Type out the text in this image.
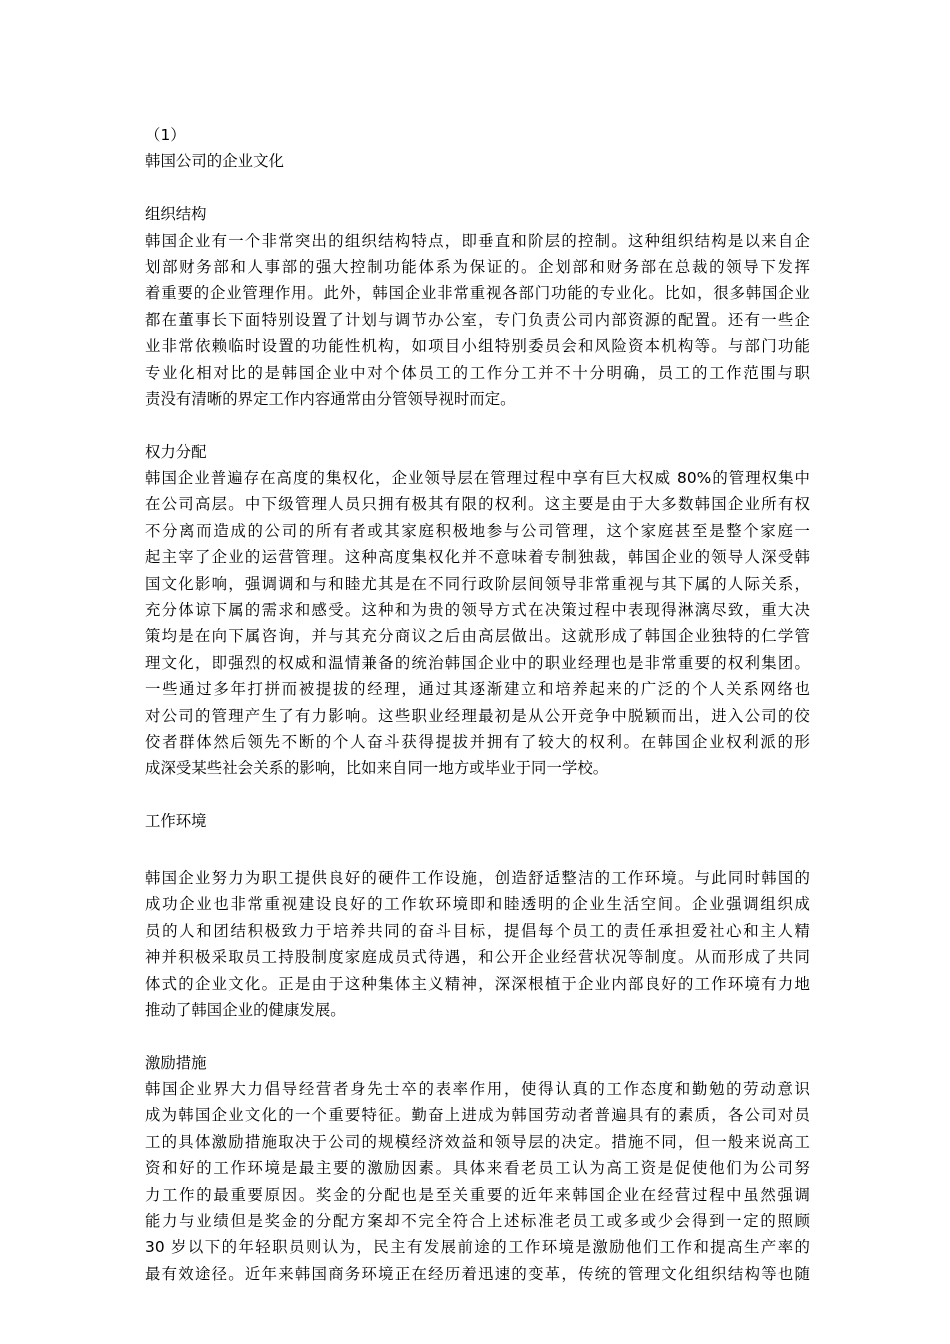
（1）
韩国公司的企业文化
组织结构
韩国企业有一个非常突出的组织结构特点，即垂直和阶层的控制。这种组织结构是以来自企
划部财务部和人事部的强大控制功能体系为保证的。企划部和财务部在总裁的领导下发挥
着重要的企业管理作用。此外，韩国企业非常重视各部门功能的专业化。比如，很多韩国企业
都在董事长下面特别设置了计划与调节办公室，专门负责公司内部资源的配置。还有一些企
业非常依赖临时设置的功能性机构，如项目小组特别委员会和风险资本机构等。与部门功能
专业化相对比的是韩国企业中对个体员工的工作分工并不十分明确，员工的工作范围与职
责没有清晰的界定工作内容通常由分管领导视时而定。
权力分配
韩国企业普遍存在高度的集权化，企业领导层在管理过程中享有巨大权威 80%的管理权集中
在公司高层。中下级管理人员只拥有极其有限的权利。这主要是由于大多数韩国企业所有权
不分离而造成的公司的所有者或其家庭积极地参与公司管理，这个家庭甚至是整个家庭一
起主宰了企业的运营管理。这种高度集权化并不意味着专制独裁，韩国企业的领导人深受韩
国文化影响，强调调和与和睦尤其是在不同行政阶层间领导非常重视与其下属的人际关系，
充分体谅下属的需求和感受。这种和为贵的领导方式在决策过程中表现得淋漓尽致，重大决
策均是在向下属咨询，并与其充分商议之后由高层做出。这就形成了韩国企业独特的仁学管
理文化，即强烈的权威和温情兼备的统治韩国企业中的职业经理也是非常重要的权利集团。
一些通过多年打拼而被提拔的经理，通过其逐渐建立和培养起来的广泛的个人关系网络也
对公司的管理产生了有力影响。这些职业经理最初是从公开竞争中脱颖而出，进入公司的佼
佼者群体然后领先不断的个人奋斗获得提拔并拥有了较大的权利。在韩国企业权利派的形
成深受某些社会关系的影响，比如来自同一地方或毕业于同一学校。
工作环境
韩国企业努力为职工提供良好的硬件工作设施，创造舒适整洁的工作环境。与此同时韩国的
成功企业也非常重视建设良好的工作软环境即和睦透明的企业生活空间。企业强调组织成
员的人和团结积极致力于培养共同的奋斗目标，提倡每个员工的责任承担爱社心和主人精
神并积极采取员工持股制度家庭成员式待遇，和公开企业经营状况等制度。从而形成了共同
体式的企业文化。正是由于这种集体主义精神，深深根植于企业内部良好的工作环境有力地
推动了韩国企业的健康发展。
激励措施
韩国企业界大力倡导经营者身先士卒的表率作用，使得认真的工作态度和勤勉的劳动意识
成为韩国企业文化的一个重要特征。勤奋上进成为韩国劳动者普遍具有的素质，各公司对员
工的具体激励措施取决于公司的规模经济效益和领导层的决定。措施不同，但一般来说高工
资和好的工作环境是最主要的激励因素。具体来看老员工认为高工资是促使他们为公司努
力工作的最重要原因。奖金的分配也是至关重要的近年来韩国企业在经营过程中虽然强调
能力与业绩但是奖金的分配方案却不完全符合上述标准老员工或多或少会得到一定的照顾
30 岁以下的年轻职员则认为，民主有发展前途的工作环境是激励他们工作和提高生产率的
最有效途径。近年来韩国商务环境正在经历着迅速的变革，传统的管理文化组织结构等也随
